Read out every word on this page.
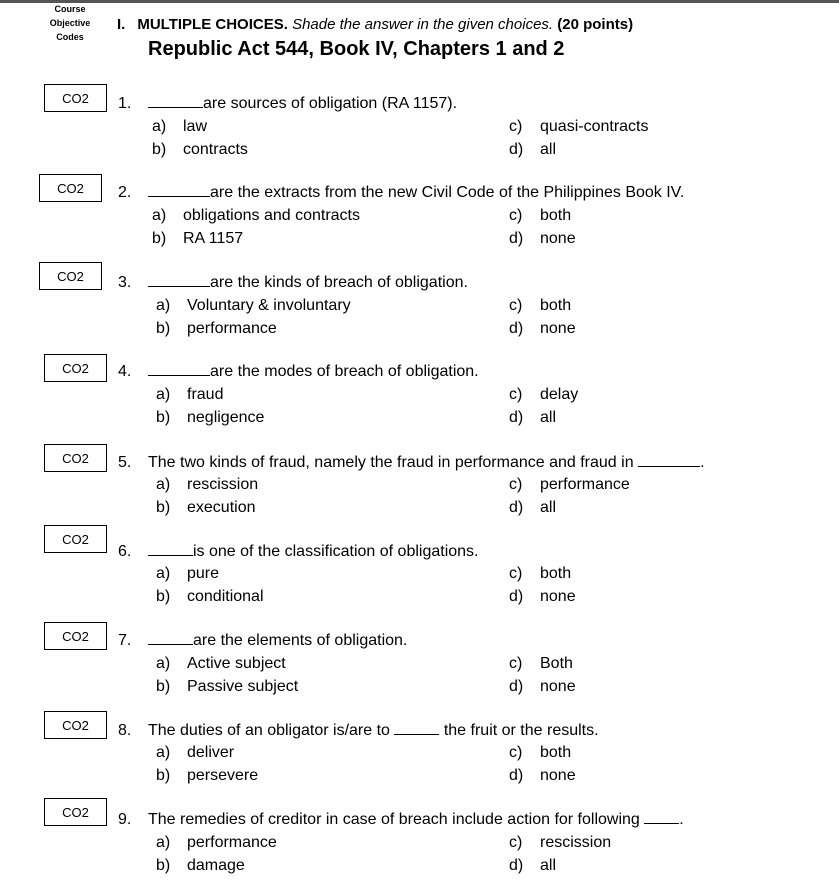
Course
Objective
Codes
I. MULTIPLE CHOICES. Shade the answer in the given choices. (20 points)
Republic Act 544, Book IV, Chapters 1 and 2
CO2	1.	are sources of obligation (RA 1157).
a) law
b) contracts
c) quasi-contracts
d) all
CO2	2.	are the extracts from the new Civil Code of the Philippines Book IV.
a) obligations and contracts
b) RA 1157
c) both
d) none
CO2	3.	are the kinds of breach of obligation.
a) Voluntary & involuntary
b) performance
c) both
d) none
CO2	4.	are the modes of breach of obligation.
a) fraud
b) negligence
c) delay
d) all
CO2	5.	The two kinds of fraud, namely the fraud in performance and fraud in	.
a) rescission
b) execution
c) performance
d) all
CO2
6.	is one of the classification of obligations.
a) pure
b) conditional
c) both
d) none
CO2	7.	are the elements of obligation.
a) Active subject
b) Passive subject
c) Both
d) none
CO2	8.	The duties of an obligator is/are to	the fruit or the results.
a) deliver
b) persevere
c) both
d) none
CO2	9.	The remedies of creditor in case of breach include action for following .
a) performance
b) damage
c) rescission
d) all
